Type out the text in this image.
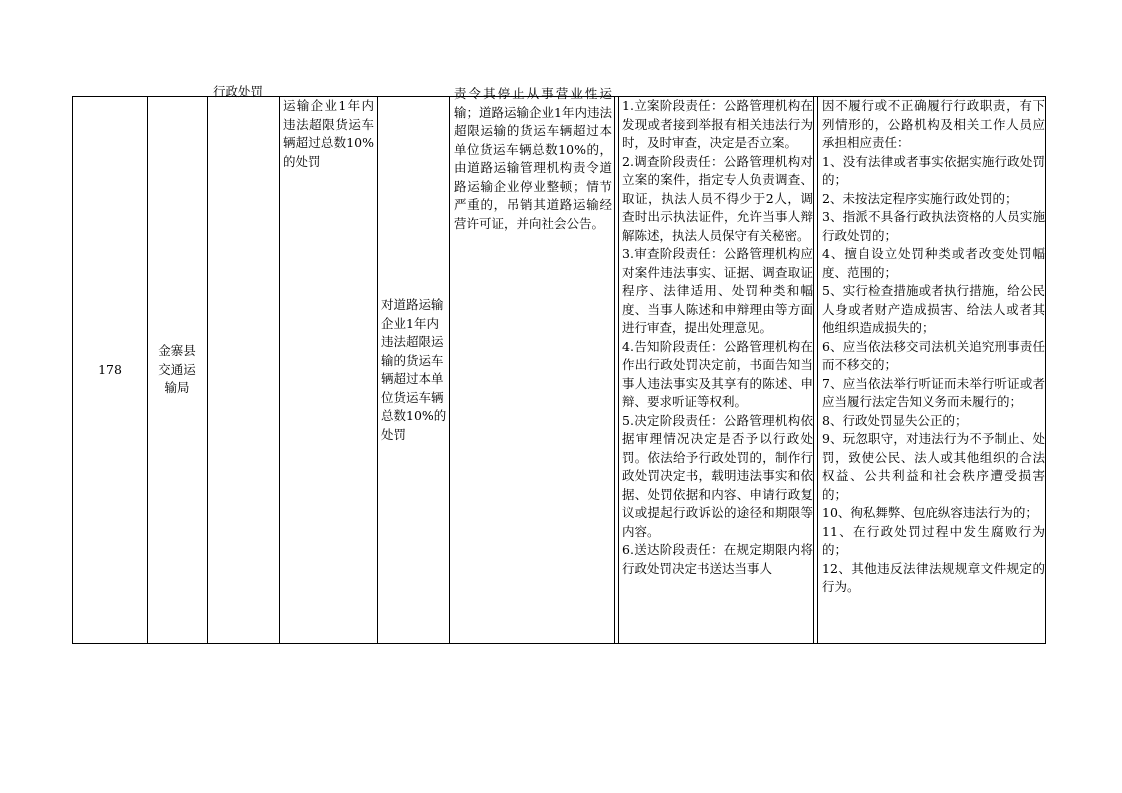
178
金寨县交通运输局
行政处罚
运输企业1年内违法超限货运车辆超过总数10%的处罚
对道路运输企业1年内违法超限运输的货运车辆超过本单位货运车辆总数10%的处罚
责令其停止从事营业性运输；道路运输企业1年内违法超限运输的货运车辆超过本单位货运车辆总数10%的，由道路运输管理机构责令道路运输企业停业整顿；情节严重的，吊销其道路运输经营许可证，并向社会公告。
1.立案阶段责任：公路管理机构在发现或者接到举报有相关违法行为时，及时审查，决定是否立案。
2.调查阶段责任：公路管理机构对立案的案件，指定专人负责调查、取证，执法人员不得少于2人，调查时出示执法证件，允许当事人辩解陈述，执法人员保守有关秘密。
3.审查阶段责任：公路管理机构应对案件违法事实、证据、调查取证程序、法律适用、处罚种类和幅度、当事人陈述和申辩理由等方面进行审查，提出处理意见。
4.告知阶段责任：公路管理机构在作出行政处罚决定前，书面告知当事人违法事实及其享有的陈述、申辩、要求听证等权利。
5.决定阶段责任：公路管理机构依据审理情况决定是否予以行政处罚。依法给予行政处罚的，制作行政处罚决定书，载明违法事实和依据、处罚依据和内容、申请行政复议或提起行政诉讼的途径和期限等内容。
6.送达阶段责任：在规定期限内将行政处罚决定书送达当事人
因不履行或不正确履行行政职责，有下列情形的，公路机构及相关工作人员应承担相应责任：
1、没有法律或者事实依据实施行政处罚的；
2、未按法定程序实施行政处罚的；
3、指派不具备行政执法资格的人员实施行政处罚的；
4、擅自设立处罚种类或者改变处罚幅度、范围的；
5、实行检查措施或者执行措施，给公民人身或者财产造成损害、给法人或者其他组织造成损失的；
6、应当依法移交司法机关追究刑事责任而不移交的；
7、应当依法举行听证而未举行听证或者应当履行法定告知义务而未履行的；
8、行政处罚显失公正的；
9、玩忽职守，对违法行为不予制止、处罚，致使公民、法人或其他组织的合法权益、公共利益和社会秩序遭受损害的；
10、徇私舞弊、包庇纵容违法行为的；
11、在行政处罚过程中发生腐败行为的；
12、其他违反法律法规规章文件规定的行为。
